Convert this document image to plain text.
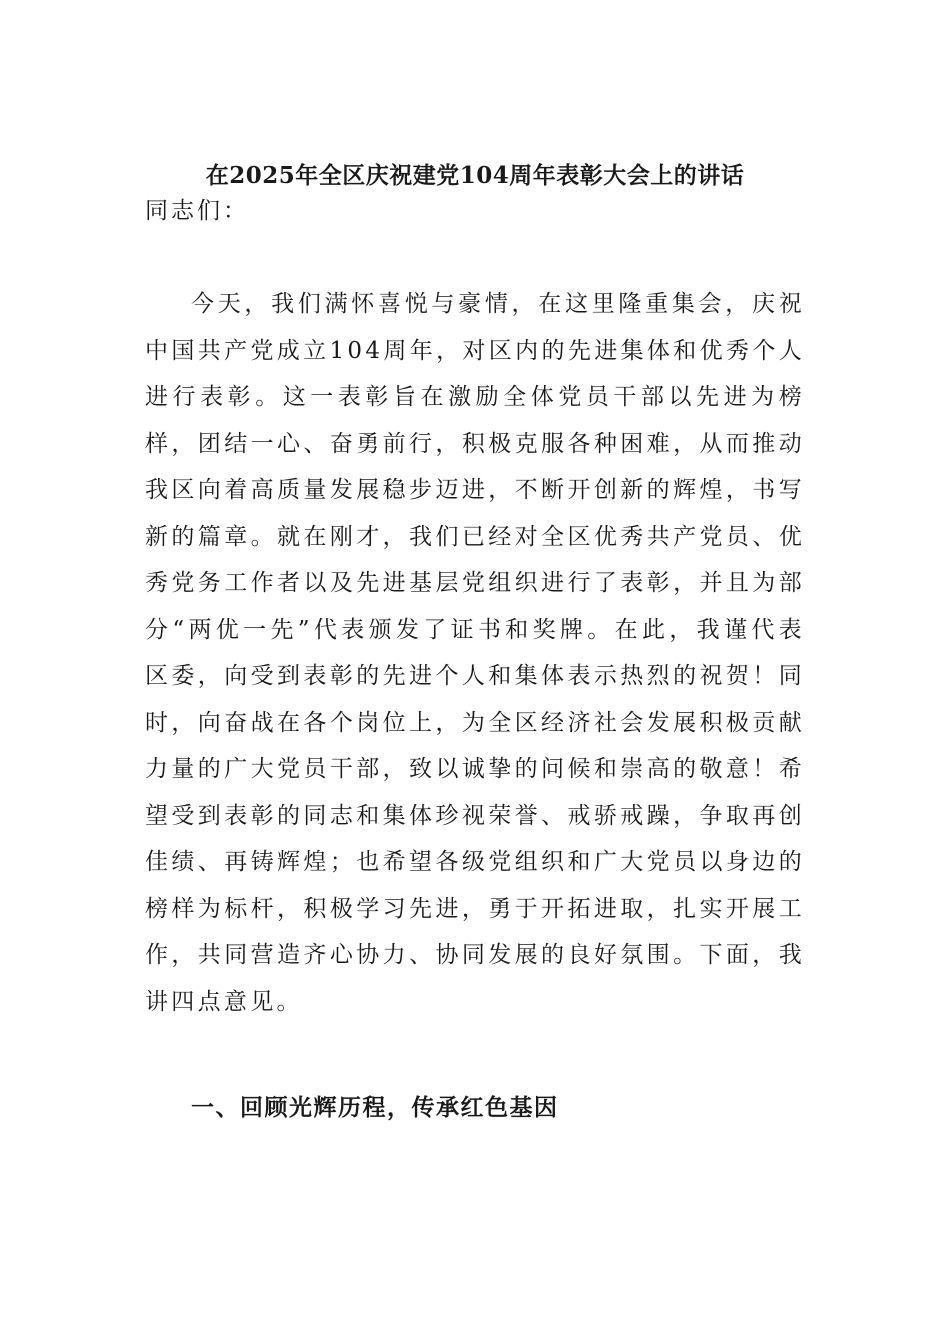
在2025年全区庆祝建党104周年表彰大会上的讲话
同志们：

今天，我们满怀喜悦与豪情，在这里隆重集会，庆祝中国共产党成立104周年，对区内的先进集体和优秀个人进行表彰。这一表彰旨在激励全体党员干部以先进为榜样，团结一心、奋勇前行，积极克服各种困难，从而推动我区向着高质量发展稳步迈进，不断开创新的辉煌，书写新的篇章。就在刚才，我们已经对全区优秀共产党员、优秀党务工作者以及先进基层党组织进行了表彰，并且为部分“两优一先”代表颁发了证书和奖牌。在此，我谨代表区委，向受到表彰的先进个人和集体表示热烈的祝贺！同时，向奋战在各个岗位上，为全区经济社会发展积极贡献力量的广大党员干部，致以诚挚的问候和崇高的敬意！希望受到表彰的同志和集体珍视荣誉、戒骄戒躁，争取再创佳绩、再铸辉煌；也希望各级党组织和广大党员以身边的榜样为标杆，积极学习先进，勇于开拓进取，扎实开展工作，共同营造齐心协力、协同发展的良好氛围。下面，我讲四点意见。

一、回顾光辉历程，传承红色基因
